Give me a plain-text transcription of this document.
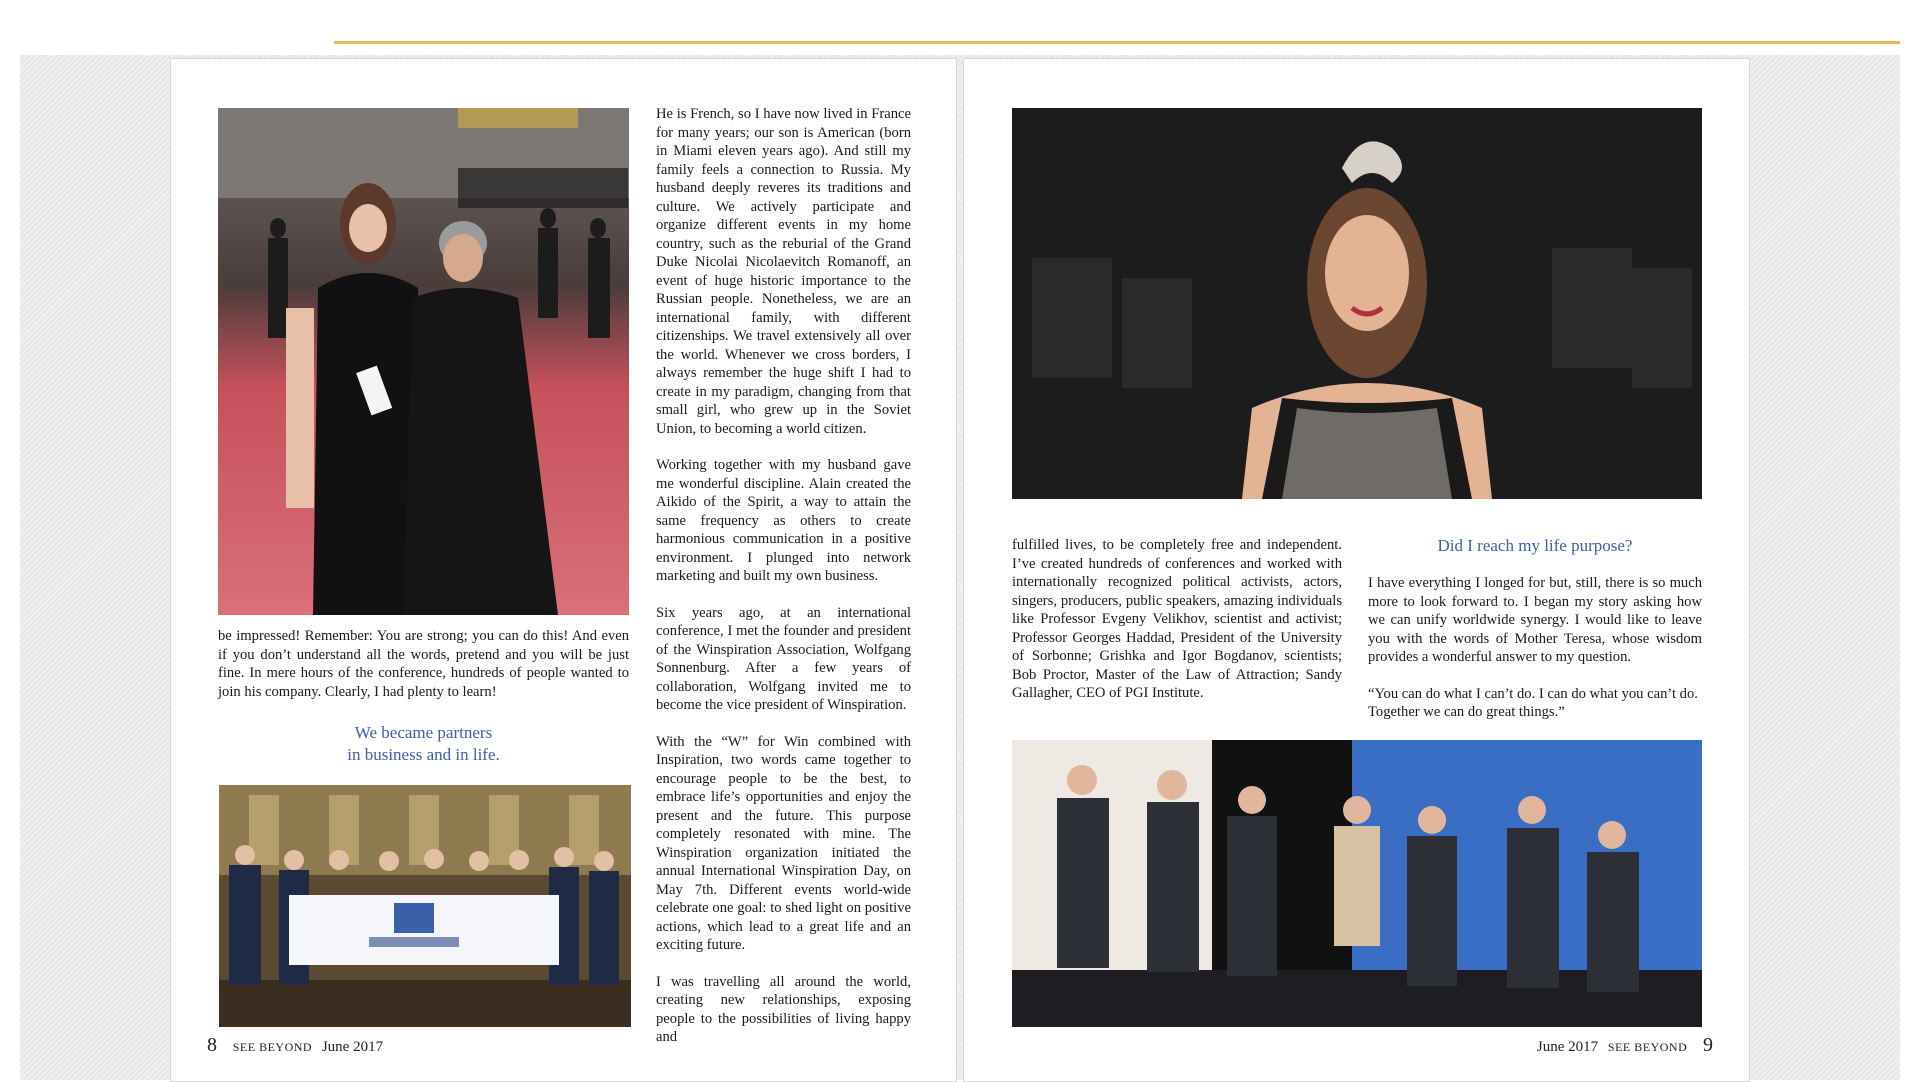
be impressed! Remember: You are strong; you can do this! And even if you don’t understand all the words, pretend and you will be just fine. In mere hours of the conference, hundreds of people wanted to join his company. Clearly, I had plenty to learn!

We became partners
in business and in life.

He is French, so I have now lived in France for many years; our son is American (born in Miami eleven years ago). And still my family feels a connection to Russia. My husband deeply reveres its traditions and culture. We actively participate and organize different events in my home country, such as the reburial of the Grand Duke Nicolai Nicolaevitch Romanoff, an event of huge historic importance to the Russian people. Nonetheless, we are an international family, with different citizenships. We travel extensively all over the world. Whenever we cross borders, I always remember the huge shift I had to create in my paradigm, changing from that small girl, who grew up in the Soviet Union, to becoming a world citizen.

Working together with my husband gave me wonderful discipline. Alain created the Aikido of the Spirit, a way to attain the same frequency as others to create harmonious communication in a positive environment. I plunged into network marketing and built my own business.

Six years ago, at an international conference, I met the founder and president of the Winspiration Association, Wolfgang Sonnenburg. After a few years of collaboration, Wolfgang invited me to become the vice president of Winspiration.

With the “W” for Win combined with Inspiration, two words came together to encourage people to be the best, to embrace life’s opportunities and enjoy the present and the future. This purpose completely resonated with mine. The Winspiration organization initiated the annual International Winspiration Day, on May 7th. Different events world-wide celebrate one goal: to shed light on positive actions, which lead to a great life and an exciting future.

I was travelling all around the world, creating new relationships, exposing people to the possibilities of living happy and

8 SEE BEYOND June 2017

fulfilled lives, to be completely free and independent. I’ve created hundreds of conferences and worked with internationally recognized political activists, actors, singers, producers, public speakers, amazing individuals like Professor Evgeny Velikhov, scientist and activist; Professor Georges Haddad, President of the University of Sorbonne; Grishka and Igor Bogdanov, scientists; Bob Proctor, Master of the Law of Attraction; Sandy Gallagher, CEO of PGI Institute.

Did I reach my life purpose?

I have everything I longed for but, still, there is so much more to look forward to. I began my story asking how we can unify worldwide synergy. I would like to leave you with the words of Mother Teresa, whose wisdom provides a wonderful answer to my question.

“You can do what I can’t do. I can do what you can’t do. Together we can do great things.”

June 2017 SEE BEYOND 9
